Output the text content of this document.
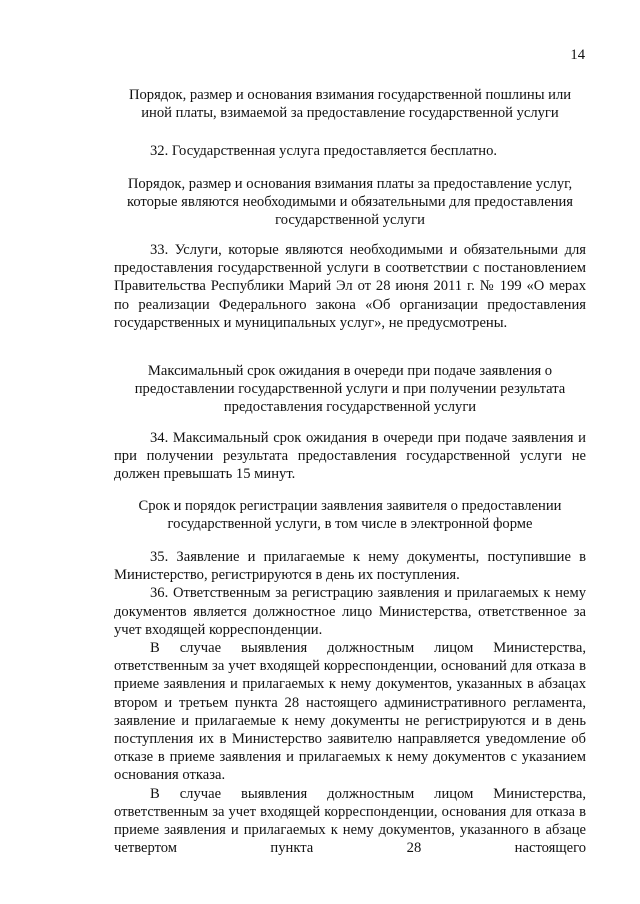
14

Порядок, размер и основания взимания государственной пошлины или иной платы, взимаемой за предоставление государственной услуги

32. Государственная услуга предоставляется бесплатно.

Порядок, размер и основания взимания платы за предоставление услуг, которые являются необходимыми и обязательными для предоставления государственной услуги

33. Услуги, которые являются необходимыми и обязательными для предоставления государственной услуги в соответствии с постановлением Правительства Республики Марий Эл от 28 июня 2011 г. № 199 «О мерах по реализации Федерального закона «Об организации предоставления государственных и муниципальных услуг», не предусмотрены.

Максимальный срок ожидания в очереди при подаче заявления о предоставлении государственной услуги и при получении результата предоставления государственной услуги

34. Максимальный срок ожидания в очереди при подаче заявления и при получении результата предоставления государственной услуги не должен превышать 15 минут.

Срок и порядок регистрации заявления заявителя о предоставлении государственной услуги, в том числе в электронной форме

35. Заявление и прилагаемые к нему документы, поступившие в Министерство, регистрируются в день их поступления.

36. Ответственным за регистрацию заявления и прилагаемых к нему документов является должностное лицо Министерства, ответственное за учет входящей корреспонденции.

В случае выявления должностным лицом Министерства, ответственным за учет входящей корреспонденции, оснований для отказа в приеме заявления и прилагаемых к нему документов, указанных в абзацах втором и третьем пункта 28 настоящего административного регламента, заявление и прилагаемые к нему документы не регистрируются и в день поступления их в Министерство заявителю направляется уведомление об отказе в приеме заявления и прилагаемых к нему документов с указанием основания отказа.

В случае выявления должностным лицом Министерства, ответственным за учет входящей корреспонденции, основания для отказа в приеме заявления и прилагаемых к нему документов, указанного в абзаце четвертом пункта 28 настоящего
